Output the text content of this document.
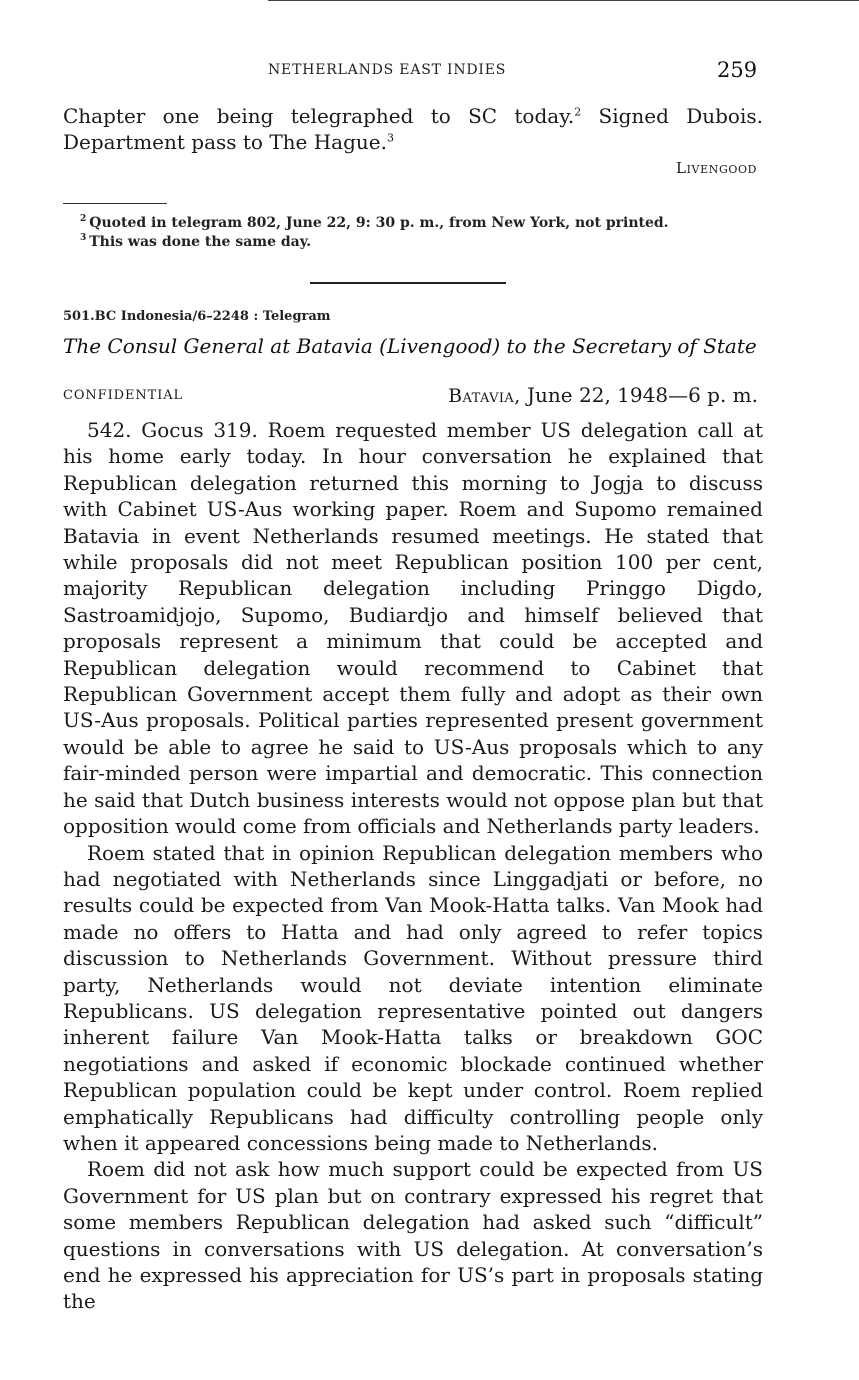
NETHERLANDS EAST INDIES	259

Chapter one being telegraphed to SC today.$^2$ Signed Dubois. Department pass to The Hague.$^3$

Livengood
$^2$ Quoted in telegram 802, June 22, 9: 30 p. m., from New York, not printed.
$^3$ This was done the same day.
501.BC Indonesia/6–2248 : Telegram
The Consul General at Batavia (Livengood) to the Secretary of State
CONFIDENTIAL	Batavia, June 22, 1948—6 p. m.

542. Gocus 319. Roem requested member US delegation call at his home early today. In hour conversation he explained that Republican delegation returned this morning to Jogja to discuss with Cabinet US-Aus working paper. Roem and Supomo remained Batavia in event Netherlands resumed meetings. He stated that while proposals did not meet Republican position 100 per cent, majority Republican delegation including Pringgo Digdo, Sastroamidjojo, Supomo, Budiardjo and himself believed that proposals represent a minimum that could be accepted and Republican delegation would recommend to Cabinet that Republican Government accept them fully and adopt as their own US-Aus proposals. Political parties represented present government would be able to agree he said to US-Aus proposals which to any fair-minded person were impartial and democratic. This connection he said that Dutch business interests would not oppose plan but that opposition would come from officials and Netherlands party leaders.

Roem stated that in opinion Republican delegation members who had negotiated with Netherlands since Linggadjati or before, no results could be expected from Van Mook-Hatta talks. Van Mook had made no offers to Hatta and had only agreed to refer topics discussion to Netherlands Government. Without pressure third party, Netherlands would not deviate intention eliminate Republicans. US delegation representative pointed out dangers inherent failure Van Mook-Hatta talks or breakdown GOC negotiations and asked if economic blockade continued whether Republican population could be kept under control. Roem replied emphatically Republicans had difficulty controlling people only when it appeared concessions being made to Netherlands.

Roem did not ask how much support could be expected from US Government for US plan but on contrary expressed his regret that some members Republican delegation had asked such “difficult” questions in conversations with US delegation. At conversation’s end he expressed his appreciation for US’s part in proposals stating the
